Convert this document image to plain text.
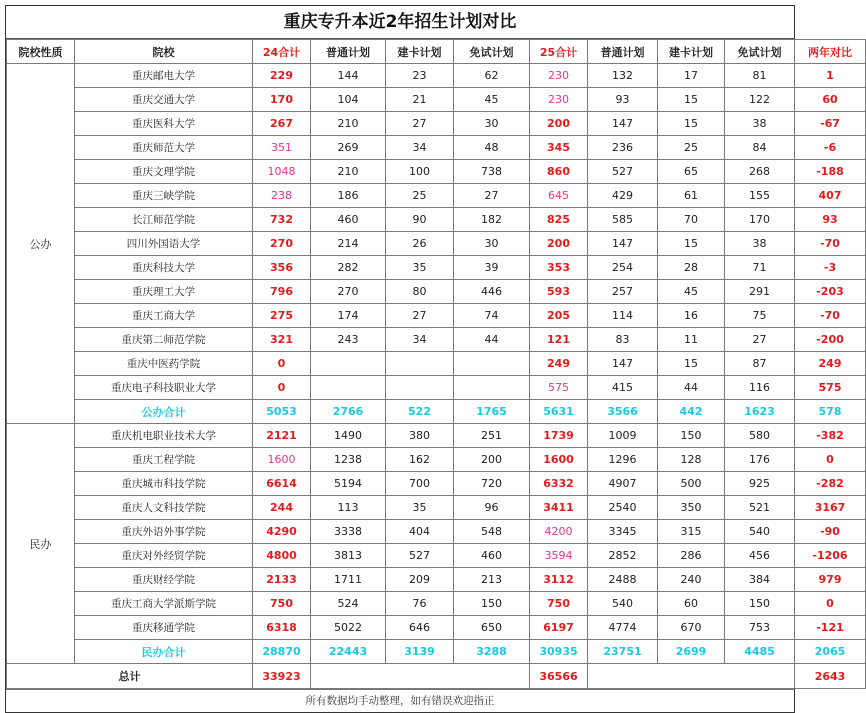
重庆专升本近2年招生计划对比
院校性质	院校	24合计	普通计划	建卡计划	免试计划	25合计	普通计划	建卡计划	免试计划	两年对比
公办	重庆邮电大学	229	144	23	62	230	132	17	81	1
	重庆交通大学	170	104	21	45	230	93	15	122	60
	重庆医科大学	267	210	27	30	200	147	15	38	-67
	重庆师范大学	351	269	34	48	345	236	25	84	-6
	重庆文理学院	1048	210	100	738	860	527	65	268	-188
	重庆三峡学院	238	186	25	27	645	429	61	155	407
	长江师范学院	732	460	90	182	825	585	70	170	93
	四川外国语大学	270	214	26	30	200	147	15	38	-70
	重庆科技大学	356	282	35	39	353	254	28	71	-3
	重庆理工大学	796	270	80	446	593	257	45	291	-203
	重庆工商大学	275	174	27	74	205	114	16	75	-70
	重庆第二师范学院	321	243	34	44	121	83	11	27	-200
	重庆中医药学院	0				249	147	15	87	249
	重庆电子科技职业大学	0				575	415	44	116	575
	公办合计	5053	2766	522	1765	5631	3566	442	1623	578
民办	重庆机电职业技术大学	2121	1490	380	251	1739	1009	150	580	-382
	重庆工程学院	1600	1238	162	200	1600	1296	128	176	0
	重庆城市科技学院	6614	5194	700	720	6332	4907	500	925	-282
	重庆人文科技学院	244	113	35	96	3411	2540	350	521	3167
	重庆外语外事学院	4290	3338	404	548	4200	3345	315	540	-90
	重庆对外经贸学院	4800	3813	527	460	3594	2852	286	456	-1206
	重庆财经学院	2133	1711	209	213	3112	2488	240	384	979
	重庆工商大学派斯学院	750	524	76	150	750	540	60	150	0
	重庆移通学院	6318	5022	646	650	6197	4774	670	753	-121
	民办合计	28870	22443	3139	3288	30935	23751	2699	4485	2065
总计		33923				36566				2643
所有数据均手动整理，如有错误欢迎指正
